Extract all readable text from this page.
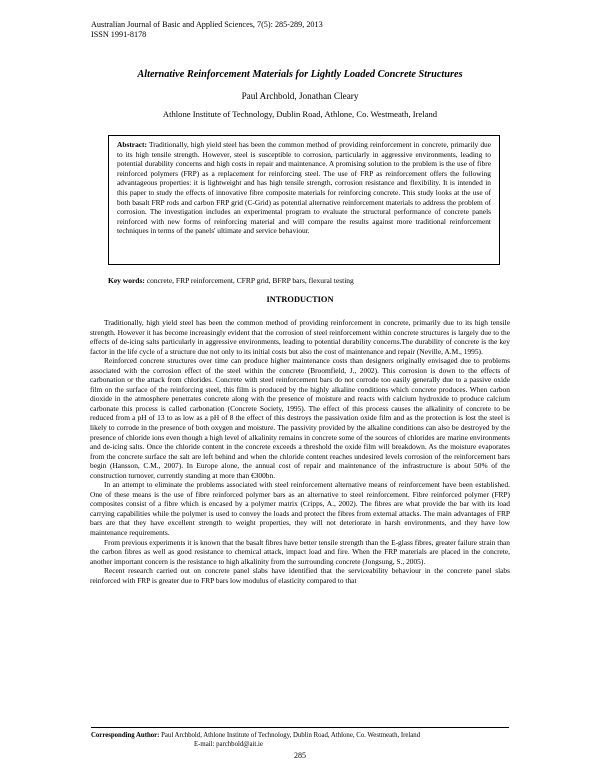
Australian Journal of Basic and Applied Sciences, 7(5): 285-289, 2013
ISSN 1991-8178
Alternative Reinforcement Materials for Lightly Loaded Concrete Structures
Paul Archbold, Jonathan Cleary
Athlone Institute of Technology, Dublin Road, Athlone, Co. Westmeath, Ireland

Abstract: Traditionally, high yield steel has been the common method of providing reinforcement in concrete, primarily due to its high tensile strength. However, steel is susceptible to corrosion, particularly in aggressive environments, leading to potential durability concerns and high costs in repair and maintenance. A promising solution to the problem is the use of fibre reinforced polymers (FRP) as a replacement for reinforcing steel. The use of FRP as reinforcement offers the following advantageous properties: it is lightweight and has high tensile strength, corrosion resistance and flexibility. It is intended in this paper to study the effects of innovative fibre composite materials for reinforcing concrete. This study looks at the use of both basalt FRP rods and carbon FRP grid (C-Grid) as potential alternative reinforcement materials to address the problem of corrosion. The investigation includes an experimental program to evaluate the structural performance of concrete panels reinforced with new forms of reinforcing material and will compare the results against more traditional reinforcement techniques in terms of the panels' ultimate and service behaviour.

Key words: concrete, FRP reinforcement, CFRP grid, BFRP bars, flexural testing
INTRODUCTION

Traditionally, high yield steel has been the common method of providing reinforcement in concrete, primarily due to its high tensile strength. However it has become increasingly evident that the corrosion of steel reinforcement within concrete structures is largely due to the effects of de-icing salts particularly in aggressive environments, leading to potential durability concerns.The durability of concrete is the key factor in the life cycle of a structure due not only to its initial costs but also the cost of maintenance and repair (Neville, A.M., 1995).

Reinforced concrete structures over time can produce higher maintenance costs than designers originally envisaged due to problems associated with the corrosion effect of the steel within the concrete (Broomfield, J., 2002). This corrosion is down to the effects of carbonation or the attack from chlorides. Concrete with steel reinforcement bars do not corrode too easily generally due to a passive oxide film on the surface of the reinforcing steel, this film is produced by the highly alkaline conditions which concrete produces. When carbon dioxide in the atmosphere penetrates concrete along with the presence of moisture and reacts with calcium hydroxide to produce calcium carbonate this process is called carbonation (Concrete Society, 1995). The effect of this process causes the alkalinity of concrete to be reduced from a pH of 13 to as low as a pH of 8 the effect of this destroys the passivation oxide film and as the protection is lost the steel is likely to corrode in the presence of both oxygen and moisture. The passivity provided by the alkaline conditions can also be destroyed by the presence of chloride ions even though a high level of alkalinity remains in concrete some of the sources of chlorides are marine environments and de-icing salts. Once the chloride content in the concrete exceeds a threshold the oxide film will breakdown. As the moisture evaporates from the concrete surface the salt are left behind and when the chloride content reaches undesired levels corrosion of the reinforcement bars begin (Hansson, C.M., 2007). In Europe alone, the annual cost of repair and maintenance of the infrastructure is about 50% of the construction turnover, currently standing at more than €300bn.

In an attempt to eliminate the problems associated with steel reinforcement alternative means of reinforcement have been established. One of these means is the use of fibre reinforced polymer bars as an alternative to steel reinforcement. Fibre reinforced polymer (FRP) composites consist of a fibre which is encased by a polymer matrix (Cripps, A., 2002). The fibres are what provide the bar with its load carrying capabilities while the polymer is used to convey the loads and protect the fibres from external attacks. The main advantages of FRP bars are that they have excellent strength to weight properties, they will not deteriorate in harsh environments, and they have low maintenance requirements.

From previous experiments it is known that the basalt fibres have better tensile strength than the E-glass fibres, greater failure strain than the carbon fibres as well as good resistance to chemical attack, impact load and fire. When the FRP materials are placed in the concrete, another important concern is the resistance to high alkalinity from the surrounding concrete (Jongsung, S., 2005).

Recent research carried out on concrete panel slabs have identified that the serviceability behaviour in the concrete panel slabs reinforced with FRP is greater due to FRP bars low modulus of elasticity compared to that

Corresponding Author: Paul Archbold, Athlone Institute of Technology, Dublin Road, Athlone, Co. Westmeath, Ireland
E-mail: parchbold@ait.ie
285
